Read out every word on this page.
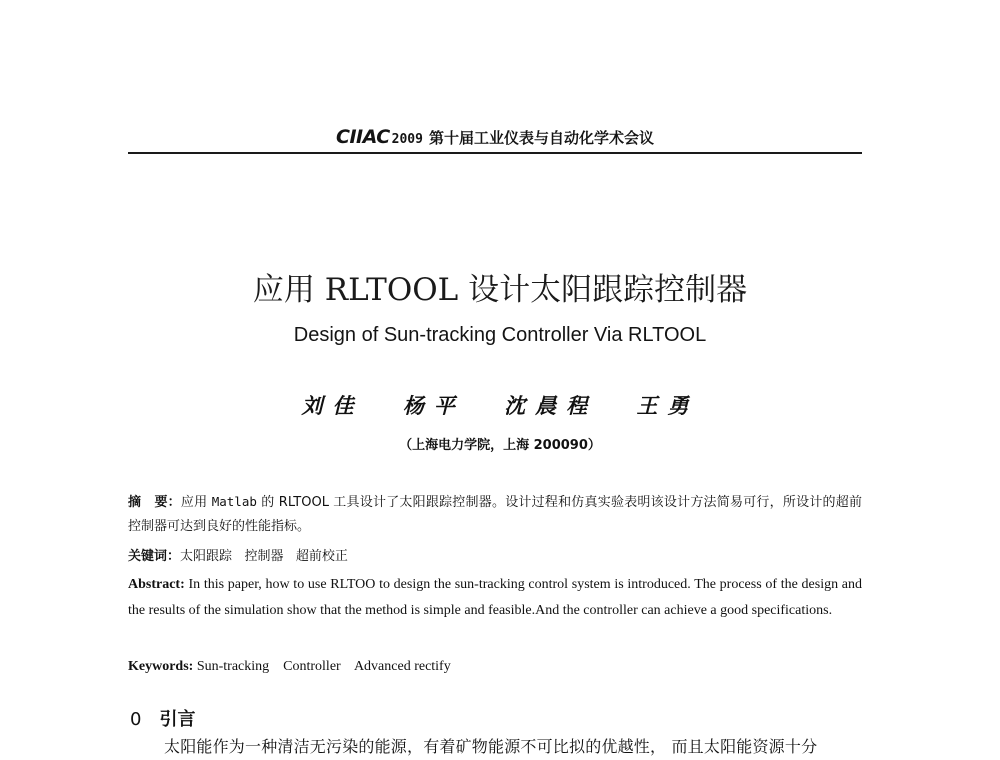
CIIAC 2009 第十届工业仪表与自动化学术会议
应用 RLTOOL 设计太阳跟踪控制器
Design of Sun-tracking Controller Via RLTOOL
刘佳 杨平 沈晨程 王勇
（上海电力学院，上海 200090）
摘　要：应用 Matlab 的 RLTOOL 工具设计了太阳跟踪控制器。设计过程和仿真实验表明该设计方法简易可行，所设计的超前控制器可达到良好的性能指标。
关键词：太阳跟踪 控制器 超前校正
Abstract: In this paper, how to use RLTOO to design the sun-tracking control system is introduced. The process of the design and the results of the simulation show that the method is simple and feasible.And the controller can achieve a good specifications.
Keywords: Sun-tracking Controller Advanced rectify
0 引言
太阳能作为一种清洁无污染的能源，有着矿物能源不可比拟的优越性， 而且太阳能资源十分
